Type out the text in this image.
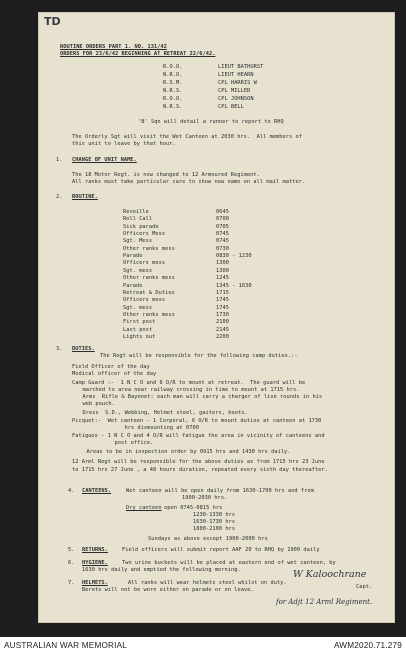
TD
ROUTINE ORDERS PART 1. NO. 131/42
ORDERS FOR 23/6/42 BEGINNING AT RETREAT 22/6/42.
R.O.O.	LIEUT BATHURST
N.R.O.	LIEUT HEARN
R.S.M.	CPL HARRIS W
N.R.S.	CPL MILLER
R.O.O.	CPL JOHNSON
N.R.S.	CPL BELL
'B' Sqn will detail a runner to report to RHQ
The Orderly Sgt will visit the Wet Canteen at 2030 hrs.  All members of
this unit to leave by that hour.
1. CHANGE OF UNIT NAME.
The 18 Motor Regt. is now changed to 12 Armoured Regiment.
All ranks must take particular care to show new name on all mail matter.
2. ROUTINE.
Reveille	0645
Roll Call	0700
Sick parade	0705
Officers Mess	0745
Sgt. Mess	0745
Other ranks mess	0730
Parade	0830 - 1230
Officers mess	1300
Sgt. mess	1300
Other ranks mess	1245
Parade	1345 - 1630
Retreat & Duties	1715
Officers mess	1745
Sgt. mess	1745
Other ranks mess	1730
First post	2100
Last post	2145
Lights out	2200
3. DUTIES.
The Regt will be responsible for the following camp duties.:-
Field Officer of the day
Medical officer of the day
Camp Guard :-  1 N C O and 6 O/R to mount at retreat.  The guard will be
marched to area near railway crossing in time to mount at 1715 hrs.
Arms  Rifle & Bayonet: each man will carry a charger of live rounds in his
web pouch.
Dress  S.D., Webbing, Helmet steel, gaiters, boots.
Picquet:-  Wet canteen - 1 Corporal, 6 O/R to mount duties at canteen at 1730
hrs dismounting at 0700
Fatigues - 1 N C O and 4 O/R will fatigue the area in vicinity of canteens and
post office.
Areas to be in inspection order by 0915 hrs and 1430 hrs daily.
12 Arml Regt will be responsible for the above duties as from 1715 hrs 23 June
to 1715 hrs 27 June , a 48 hours duration, repeated every sixth day thereafter.
4. CANTEENS.	Wet canteen will be open daily from 1630-1700 hrs and from
1900-2030 hrs.
Dry canteen open 0745-0815 hrs
1230-1330 hrs
1630-1730 hrs
1800-2100 hrs
Sundays as above except 1900-2000 hrs
5. RETURNS.	Field officers will submit report AAF 20 to RHQ by 1900 daily
6. HYGIENE.	Two urine buckets will be placed at eastern end of wet canteen, by
1630 hrs daily and emptied the following morning.
7. HELMETS.	All ranks will wear helmets steel whilst on duty.
Berets will not be worn either on parade or on leave.
W Kaloochrane
Capt.
for Adjt 12 Arml Regiment.
AUSTRALIAN WAR MEMORIAL	AWM2020.71.279
